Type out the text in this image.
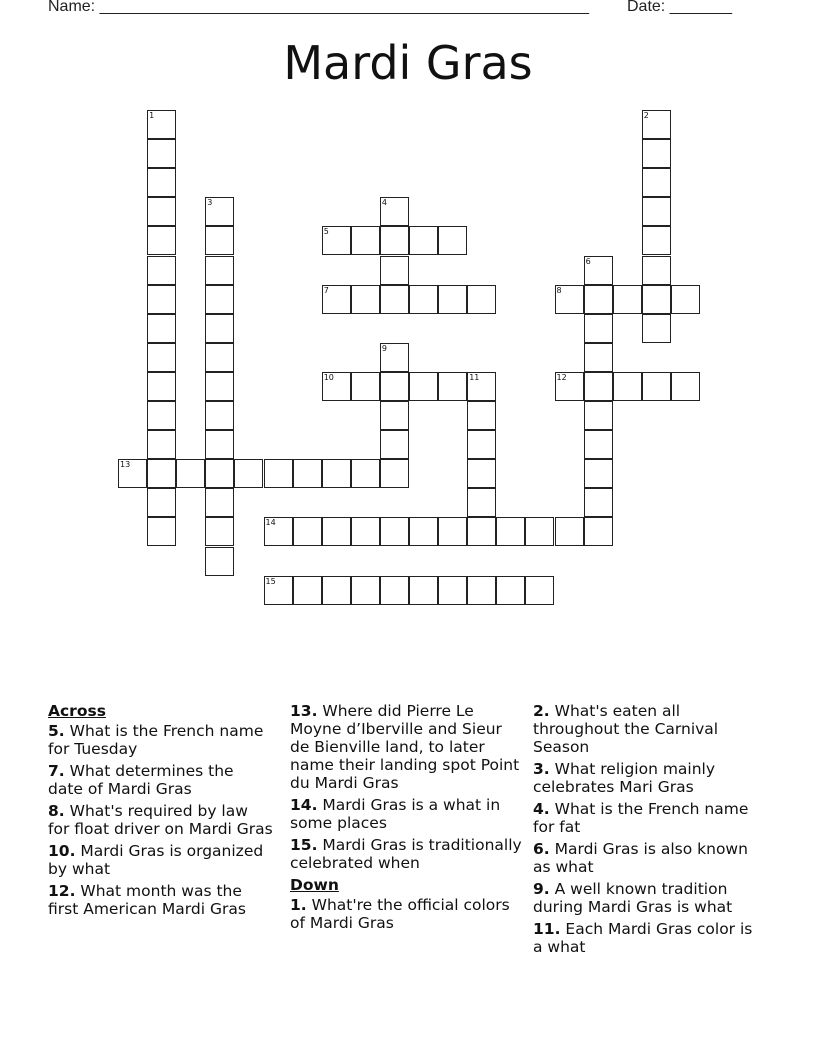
Name: _______________________________________________________ Date: _______
Mardi Gras
1	2
3	4
5
6
7	8
9
10	11	12
13
14
15
Across
5. What is the French name for Tuesday
7. What determines the date of Mardi Gras
8. What's required by law for float driver on Mardi Gras
10. Mardi Gras is organized by what
12. What month was the first American Mardi Gras
13. Where did Pierre Le Moyne d’Iberville and Sieur de Bienville land, to later name their landing spot Point du Mardi Gras
14. Mardi Gras is a what in some places
15. Mardi Gras is traditionally celebrated when
Down
1. What're the official colors of Mardi Gras
2. What's eaten all throughout the Carnival Season
3. What religion mainly celebrates Mari Gras
4. What is the French name for fat
6. Mardi Gras is also known as what
9. A well known tradition during Mardi Gras is what
11. Each Mardi Gras color is a what
